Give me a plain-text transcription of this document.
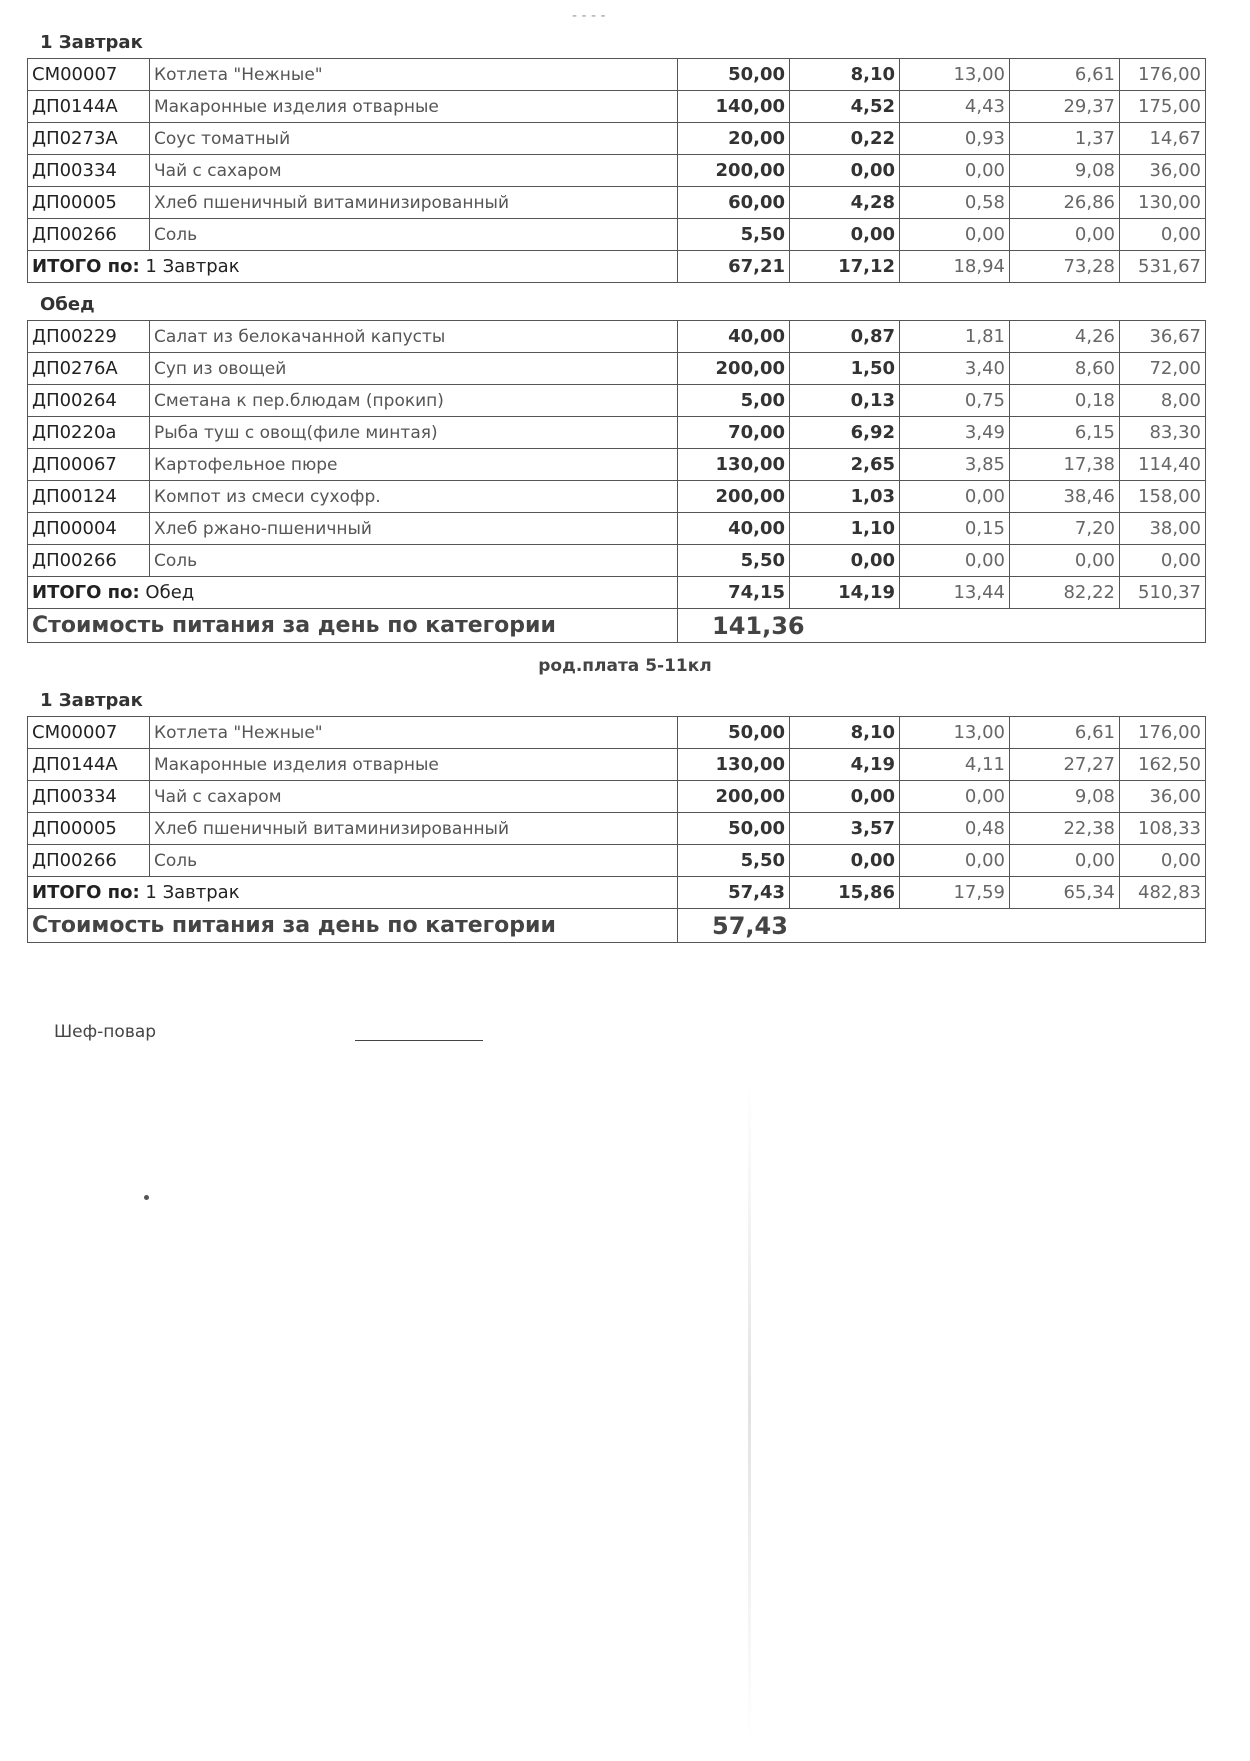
- - - -
1 Завтрак
СМ00007	Котлета "Нежные"	50,00	8,10	13,00	6,61	176,00
ДП0144А	Макаронные изделия отварные	140,00	4,52	4,43	29,37	175,00
ДП0273А	Соус томатный	20,00	0,22	0,93	1,37	14,67
ДП00334	Чай с сахаром	200,00	0,00	0,00	9,08	36,00
ДП00005	Хлеб пшеничный витаминизированный	60,00	4,28	0,58	26,86	130,00
ДП00266	Соль	5,50	0,00	0,00	0,00	0,00
ИТОГО по: 1 Завтрак		67,21	17,12	18,94	73,28	531,67
Обед
ДП00229	Салат из белокачанной капусты	40,00	0,87	1,81	4,26	36,67
ДП0276А	Суп из овощей	200,00	1,50	3,40	8,60	72,00
ДП00264	Сметана к пер.блюдам (прокип)	5,00	0,13	0,75	0,18	8,00
ДП0220а	Рыба туш с овощ(филе минтая)	70,00	6,92	3,49	6,15	83,30
ДП00067	Картофельное пюре	130,00	2,65	3,85	17,38	114,40
ДП00124	Компот из смеси сухофр.	200,00	1,03	0,00	38,46	158,00
ДП00004	Хлеб ржано-пшеничный	40,00	1,10	0,15	7,20	38,00
ДП00266	Соль	5,50	0,00	0,00	0,00	0,00
ИТОГО по: Обед		74,15	14,19	13,44	82,22	510,37
Стоимость питания за день по категории		141,36				
род.плата 5-11кл
1 Завтрак
СМ00007	Котлета "Нежные"	50,00	8,10	13,00	6,61	176,00
ДП0144А	Макаронные изделия отварные	130,00	4,19	4,11	27,27	162,50
ДП00334	Чай с сахаром	200,00	0,00	0,00	9,08	36,00
ДП00005	Хлеб пшеничный витаминизированный	50,00	3,57	0,48	22,38	108,33
ДП00266	Соль	5,50	0,00	0,00	0,00	0,00
ИТОГО по: 1 Завтрак		57,43	15,86	17,59	65,34	482,83
Стоимость питания за день по категории		57,43				
Шеф-повар
